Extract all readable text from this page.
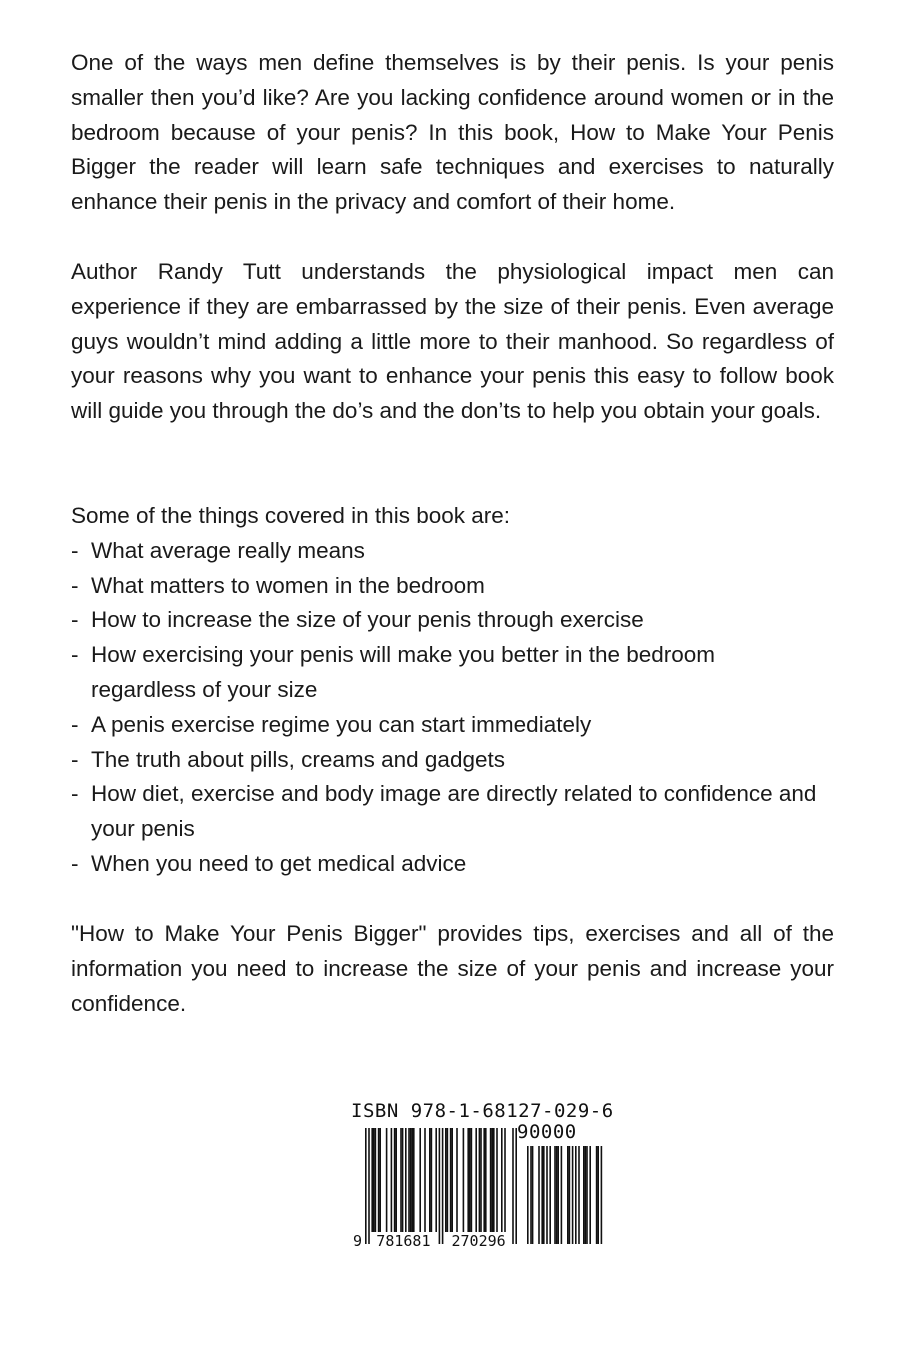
One of the ways men define themselves is by their penis. Is your penis smaller then you’d like? Are you lacking confidence around women or in the bedroom because of your penis? In this book, How to Make Your Penis Bigger the reader will learn safe techniques and exercises to naturally enhance their penis in the privacy and comfort of their home.

Author Randy Tutt understands the physiological impact men can experience if they are embarrassed by the size of their penis. Even average guys wouldn’t mind adding a little more to their manhood. So regardless of your reasons why you want to enhance your penis this easy to follow book will guide you through the do’s and the don’ts to help you obtain your goals.

Some of the things covered in this book are:
- What average really means
- What matters to women in the bedroom
- How to increase the size of your penis through exercise
- How exercising your penis will make you better in the bedroom
regardless of your size
- A penis exercise regime you can start immediately
- The truth about pills, creams and gadgets
- How diet, exercise and body image are directly related to confidence and
your penis
- When you need to get medical advice

"How to Make Your Penis Bigger" provides tips, exercises and all of the information you need to increase the size of your penis and increase your confidence.

9 781681 270296
ISBN 978-1-68127-029-6
90000
